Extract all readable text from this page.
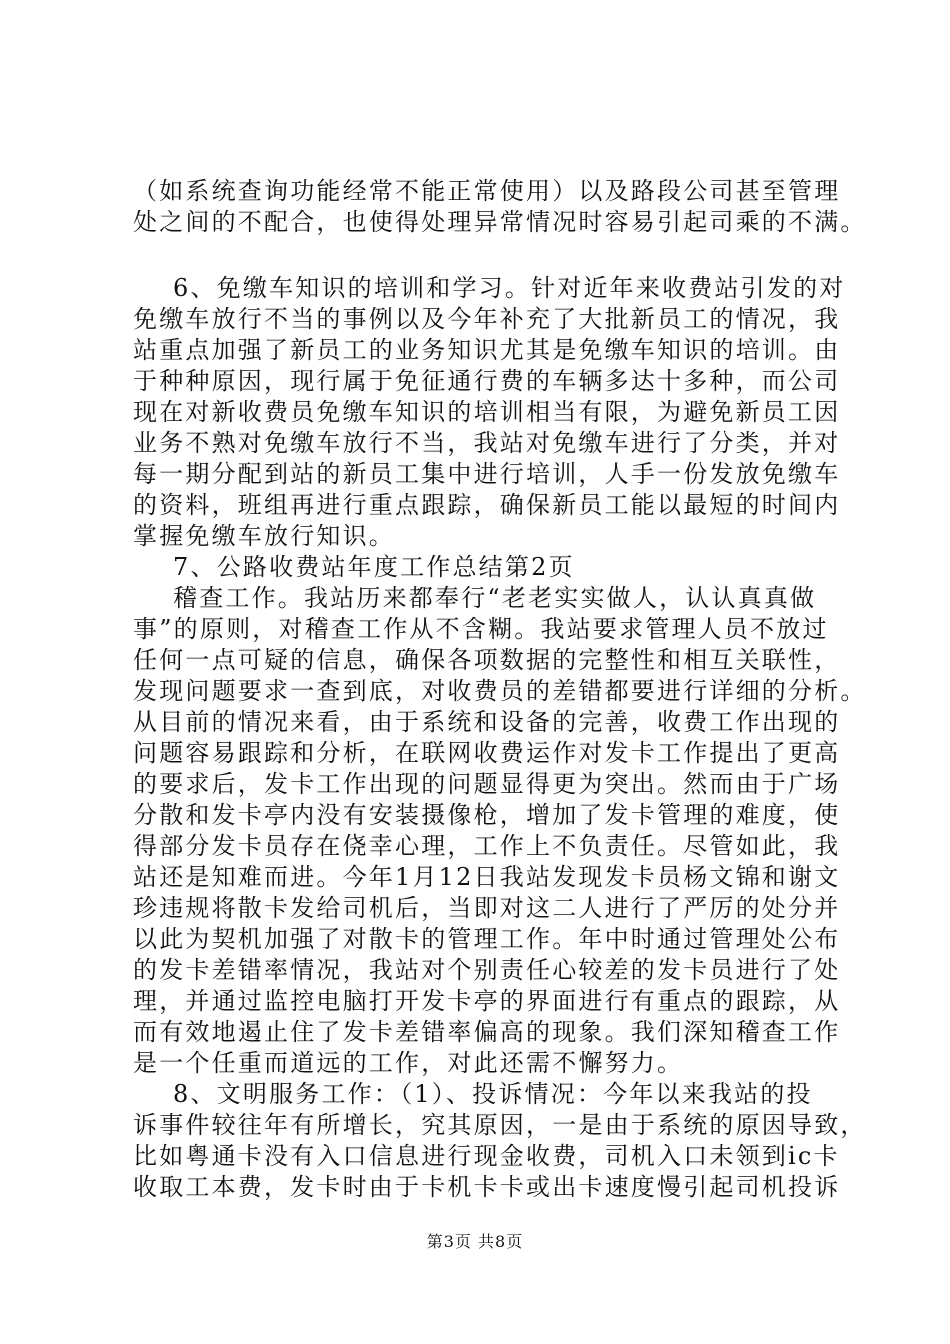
（如系统查询功能经常不能正常使用）以及路段公司甚至管理
处之间的不配合，也使得处理异常情况时容易引起司乘的不满。
6、免缴车知识的培训和学习。针对近年来收费站引发的对
免缴车放行不当的事例以及今年补充了大批新员工的情况，我
站重点加强了新员工的业务知识尤其是免缴车知识的培训。由
于种种原因，现行属于免征通行费的车辆多达十多种，而公司
现在对新收费员免缴车知识的培训相当有限，为避免新员工因
业务不熟对免缴车放行不当，我站对免缴车进行了分类，并对
每一期分配到站的新员工集中进行培训，人手一份发放免缴车
的资料，班组再进行重点跟踪，确保新员工能以最短的时间内
掌握免缴车放行知识。
7、公路收费站年度工作总结第2页
稽查工作。我站历来都奉行“老老实实做人，认认真真做
事”的原则，对稽查工作从不含糊。我站要求管理人员不放过
任何一点可疑的信息，确保各项数据的完整性和相互关联性，
发现问题要求一查到底，对收费员的差错都要进行详细的分析。
从目前的情况来看，由于系统和设备的完善，收费工作出现的
问题容易跟踪和分析，在联网收费运作对发卡工作提出了更高
的要求后，发卡工作出现的问题显得更为突出。然而由于广场
分散和发卡亭内没有安装摄像枪，增加了发卡管理的难度，使
得部分发卡员存在侥幸心理，工作上不负责任。尽管如此，我
站还是知难而进。今年1月12日我站发现发卡员杨文锦和谢文
珍违规将散卡发给司机后，当即对这二人进行了严厉的处分并
以此为契机加强了对散卡的管理工作。年中时通过管理处公布
的发卡差错率情况，我站对个别责任心较差的发卡员进行了处
理，并通过监控电脑打开发卡亭的界面进行有重点的跟踪，从
而有效地遏止住了发卡差错率偏高的现象。我们深知稽查工作
是一个任重而道远的工作，对此还需不懈努力。
8、文明服务工作：（1）、投诉情况：今年以来我站的投
诉事件较往年有所增长，究其原因，一是由于系统的原因导致，
比如粤通卡没有入口信息进行现金收费，司机入口未领到ic卡
收取工本费，发卡时由于卡机卡卡或出卡速度慢引起司机投诉
第3页 共8页
